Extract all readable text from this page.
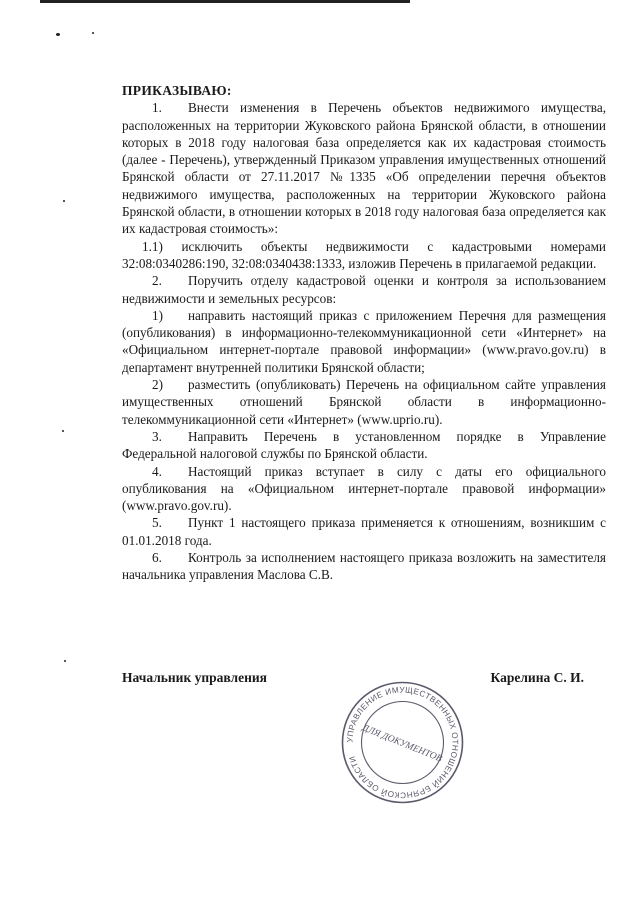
ПРИКАЗЫВАЮ:

1. Внести изменения в Перечень объектов недвижимого имущества, расположенных на территории Жуковского района Брянской области, в отношении которых в 2018 году налоговая база определяется как их кадастровая стоимость (далее - Перечень), утвержденный Приказом управления имущественных отношений Брянской области от 27.11.2017 №1335 «Об определении перечня объектов недвижимого имущества, расположенных на территории Жуковского района Брянской области, в отношении которых в 2018 году налоговая база определяется как их кадастровая стоимость»:

1.1) исключить объекты недвижимости с кадастровыми номерами 32:08:0340286:190, 32:08:0340438:1333, изложив Перечень в прилагаемой редакции.

2. Поручить отделу кадастровой оценки и контроля за использованием недвижимости и земельных ресурсов:

1) направить настоящий приказ с приложением Перечня для размещения (опубликования) в информационно-телекоммуникационной сети «Интернет» на «Официальном интернет-портале правовой информации» (www.pravo.gov.ru) в департамент внутренней политики Брянской области;

2) разместить (опубликовать) Перечень на официальном сайте управления имущественных отношений Брянской области в информационно-телекоммуникационной сети «Интернет» (www.uprio.ru).

3. Направить Перечень в установленном порядке в Управление Федеральной налоговой службы по Брянской области.

4. Настоящий приказ вступает в силу с даты его официального опубликования на «Официальном интернет-портале правовой информации» (www.pravo.gov.ru).

5. Пункт 1 настоящего приказа применяется к отношениям, возникшим с 01.01.2018 года.

6. Контроль за исполнением настоящего приказа возложить на заместителя начальника управления Маслова С.В.

Начальник управления	Карелина С. И.
УПРАВЛЕНИЕ ИМУЩЕСТВЕННЫХ ОТНОШЕНИЙ БРЯНСКОЙ ОБЛАСТИ ДЛЯ ДОКУМЕНТОВ
